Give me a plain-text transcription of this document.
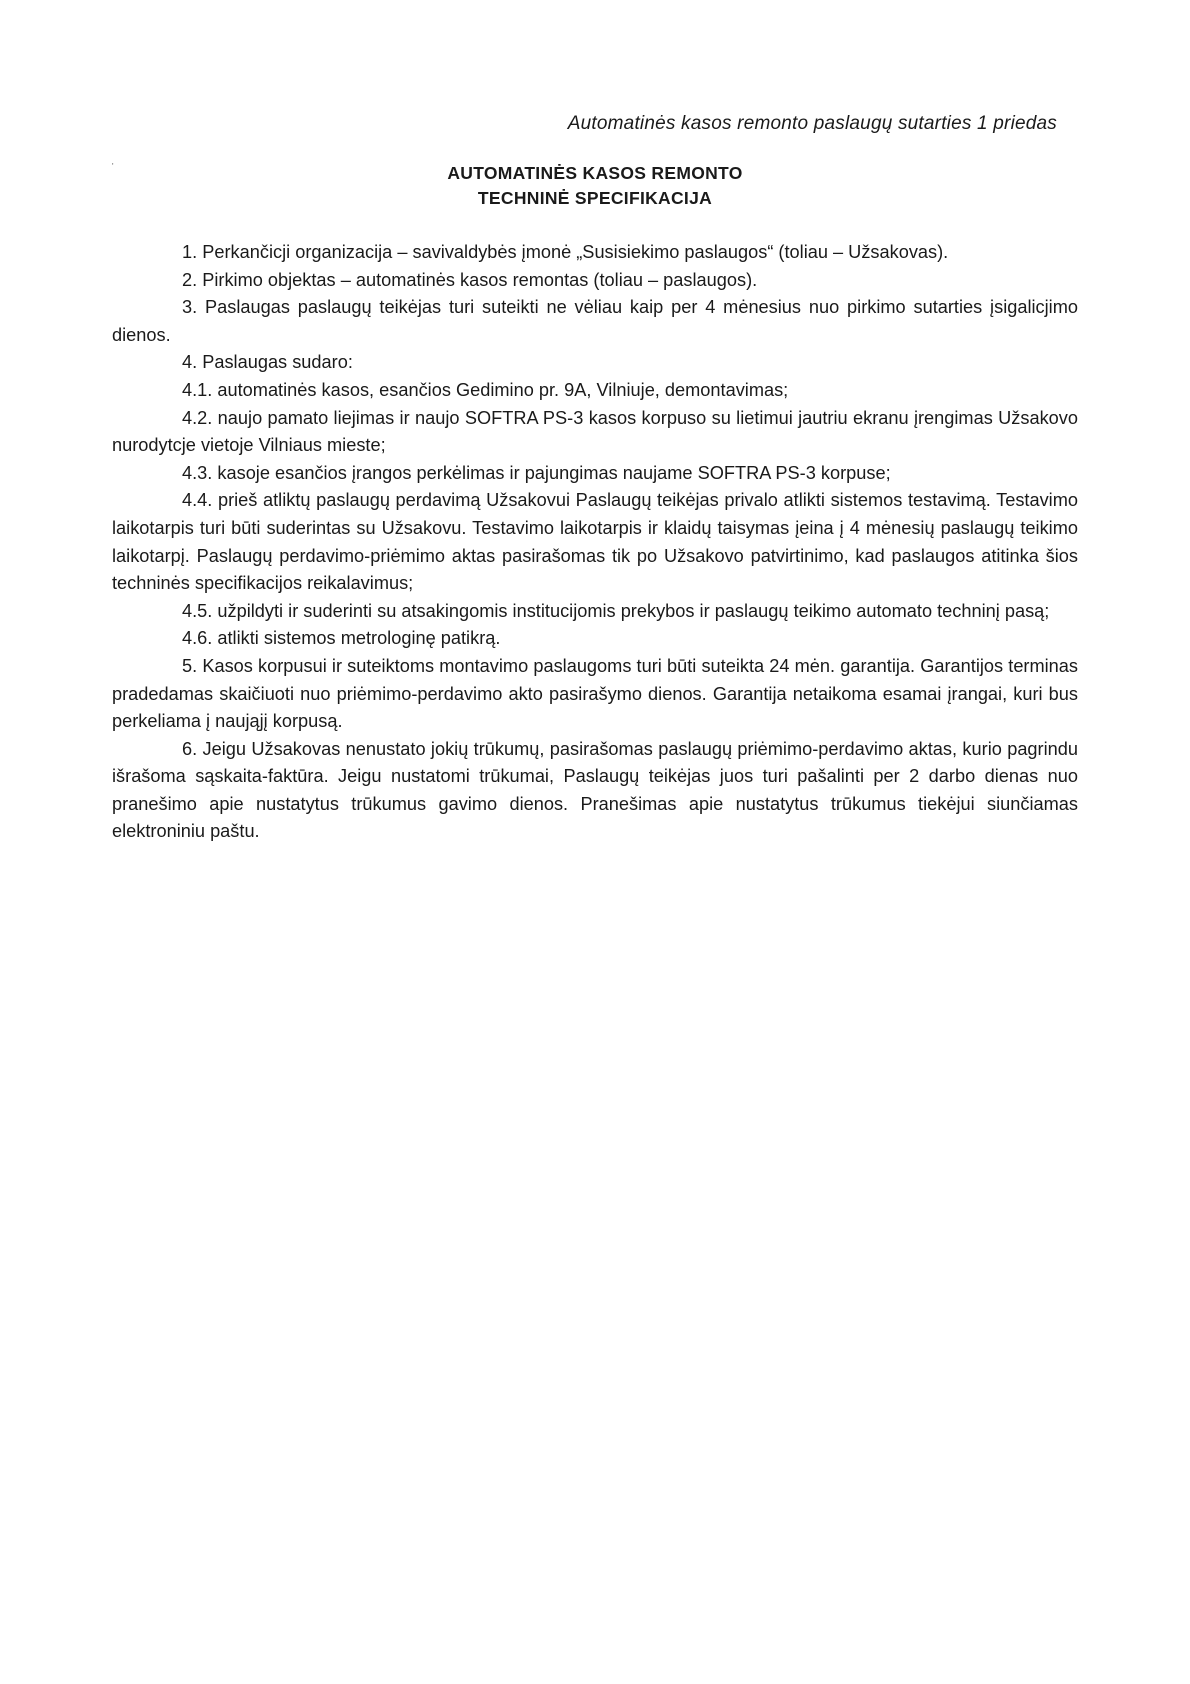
Automatinės kasos remonto paslaugų sutarties 1 priedas
'	AUTOMATINĖS KASOS REMONTO
TECHNINĖ SPECIFIKACIJA

1. Perkančicji organizacija – savivaldybės įmonė „Susisiekimo paslaugos“ (toliau – Užsakovas).

2. Pirkimo objektas – automatinės kasos remontas (toliau – paslaugos).

3. Paslaugas paslaugų teikėjas turi suteikti ne vėliau kaip per 4 mėnesius nuo pirkimo sutarties įsigalicjimo dienos.

4. Paslaugas sudaro:

4.1. automatinės kasos, esančios Gedimino pr. 9A, Vilniuje, demontavimas;

4.2. naujo pamato liejimas ir naujo SOFTRA PS-3 kasos korpuso su lietimui jautriu ekranu įrengimas Užsakovo nurodytcje vietoje Vilniaus mieste;

4.3. kasoje esančios įrangos perkėlimas ir pajungimas naujame SOFTRA PS-3 korpuse;

4.4. prieš atliktų paslaugų perdavimą Užsakovui Paslaugų teikėjas privalo atlikti sistemos testavimą. Testavimo laikotarpis turi būti suderintas su Užsakovu. Testavimo laikotarpis ir klaidų taisymas įeina į 4 mėnesių paslaugų teikimo laikotarpį. Paslaugų perdavimo-priėmimo aktas pasirašomas tik po Užsakovo patvirtinimo, kad paslaugos atitinka šios techninės specifikacijos reikalavimus;

4.5. užpildyti ir suderinti su atsakingomis institucijomis prekybos ir paslaugų teikimo automato techninį pasą;

4.6. atlikti sistemos metrologinę patikrą.

5. Kasos korpusui ir suteiktoms montavimo paslaugoms turi būti suteikta 24 mėn. garantija. Garantijos terminas pradedamas skaičiuoti nuo priėmimo-perdavimo akto pasirašymo dienos. Garantija netaikoma esamai įrangai, kuri bus perkeliama į naująjį korpusą.

6. Jeigu Užsakovas nenustato jokių trūkumų, pasirašomas paslaugų priėmimo-perdavimo aktas, kurio pagrindu išrašoma sąskaita-faktūra. Jeigu nustatomi trūkumai, Paslaugų teikėjas juos turi pašalinti per 2 darbo dienas nuo pranešimo apie nustatytus trūkumus gavimo dienos. Pranešimas apie nustatytus trūkumus tiekėjui siunčiamas elektroniniu paštu.
